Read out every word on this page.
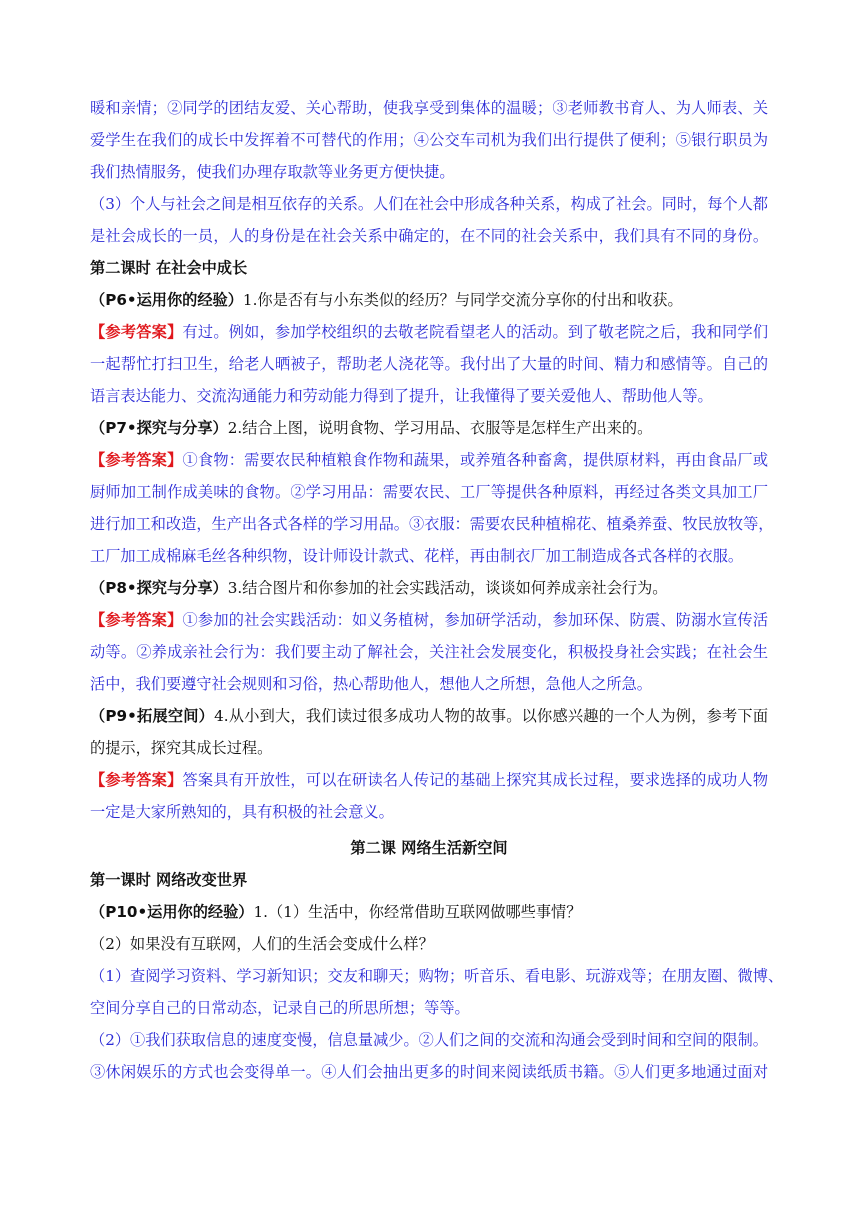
暖和亲情；②同学的团结友爱、关心帮助，使我享受到集体的温暖；③老师教书育人、为人师表、关
爱学生在我们的成长中发挥着不可替代的作用；④公交车司机为我们出行提供了便利；⑤银行职员为
我们热情服务，使我们办理存取款等业务更方便快捷。
（3）个人与社会之间是相互依存的关系。人们在社会中形成各种关系，构成了社会。同时，每个人都
是社会成长的一员，人的身份是在社会关系中确定的，在不同的社会关系中，我们具有不同的身份。
第二课时 在社会中成长
（P6•运用你的经验）1.你是否有与小东类似的经历？与同学交流分享你的付出和收获。
【参考答案】有过。例如，参加学校组织的去敬老院看望老人的活动。到了敬老院之后，我和同学们
一起帮忙打扫卫生，给老人晒被子，帮助老人浇花等。我付出了大量的时间、精力和感情等。自己的
语言表达能力、交流沟通能力和劳动能力得到了提升，让我懂得了要关爱他人、帮助他人等。
（P7•探究与分享）2.结合上图，说明食物、学习用品、衣服等是怎样生产出来的。
【参考答案】①食物：需要农民种植粮食作物和蔬果，或养殖各种畜禽，提供原材料，再由食品厂或
厨师加工制作成美味的食物。②学习用品：需要农民、工厂等提供各种原料，再经过各类文具加工厂
进行加工和改造，生产出各式各样的学习用品。③衣服：需要农民种植棉花、植桑养蚕、牧民放牧等，
工厂加工成棉麻毛丝各种织物，设计师设计款式、花样，再由制衣厂加工制造成各式各样的衣服。
（P8•探究与分享）3.结合图片和你参加的社会实践活动，谈谈如何养成亲社会行为。
【参考答案】①参加的社会实践活动：如义务植树，参加研学活动，参加环保、防震、防溺水宣传活
动等。②养成亲社会行为：我们要主动了解社会，关注社会发展变化，积极投身社会实践；在社会生
活中，我们要遵守社会规则和习俗，热心帮助他人，想他人之所想，急他人之所急。
（P9•拓展空间）4.从小到大，我们读过很多成功人物的故事。以你感兴趣的一个人为例，参考下面
的提示，探究其成长过程。
【参考答案】答案具有开放性，可以在研读名人传记的基础上探究其成长过程，要求选择的成功人物
一定是大家所熟知的，具有积极的社会意义。
第二课 网络生活新空间
第一课时 网络改变世界
（P10•运用你的经验）1.（1）生活中，你经常借助互联网做哪些事情？
（2）如果没有互联网，人们的生活会变成什么样？
（1）查阅学习资料、学习新知识；交友和聊天；购物；听音乐、看电影、玩游戏等；在朋友圈、微博、
空间分享自己的日常动态，记录自己的所思所想；等等。
（2）①我们获取信息的速度变慢，信息量减少。②人们之间的交流和沟通会受到时间和空间的限制。
③休闲娱乐的方式也会变得单一。④人们会抽出更多的时间来阅读纸质书籍。⑤人们更多地通过面对
